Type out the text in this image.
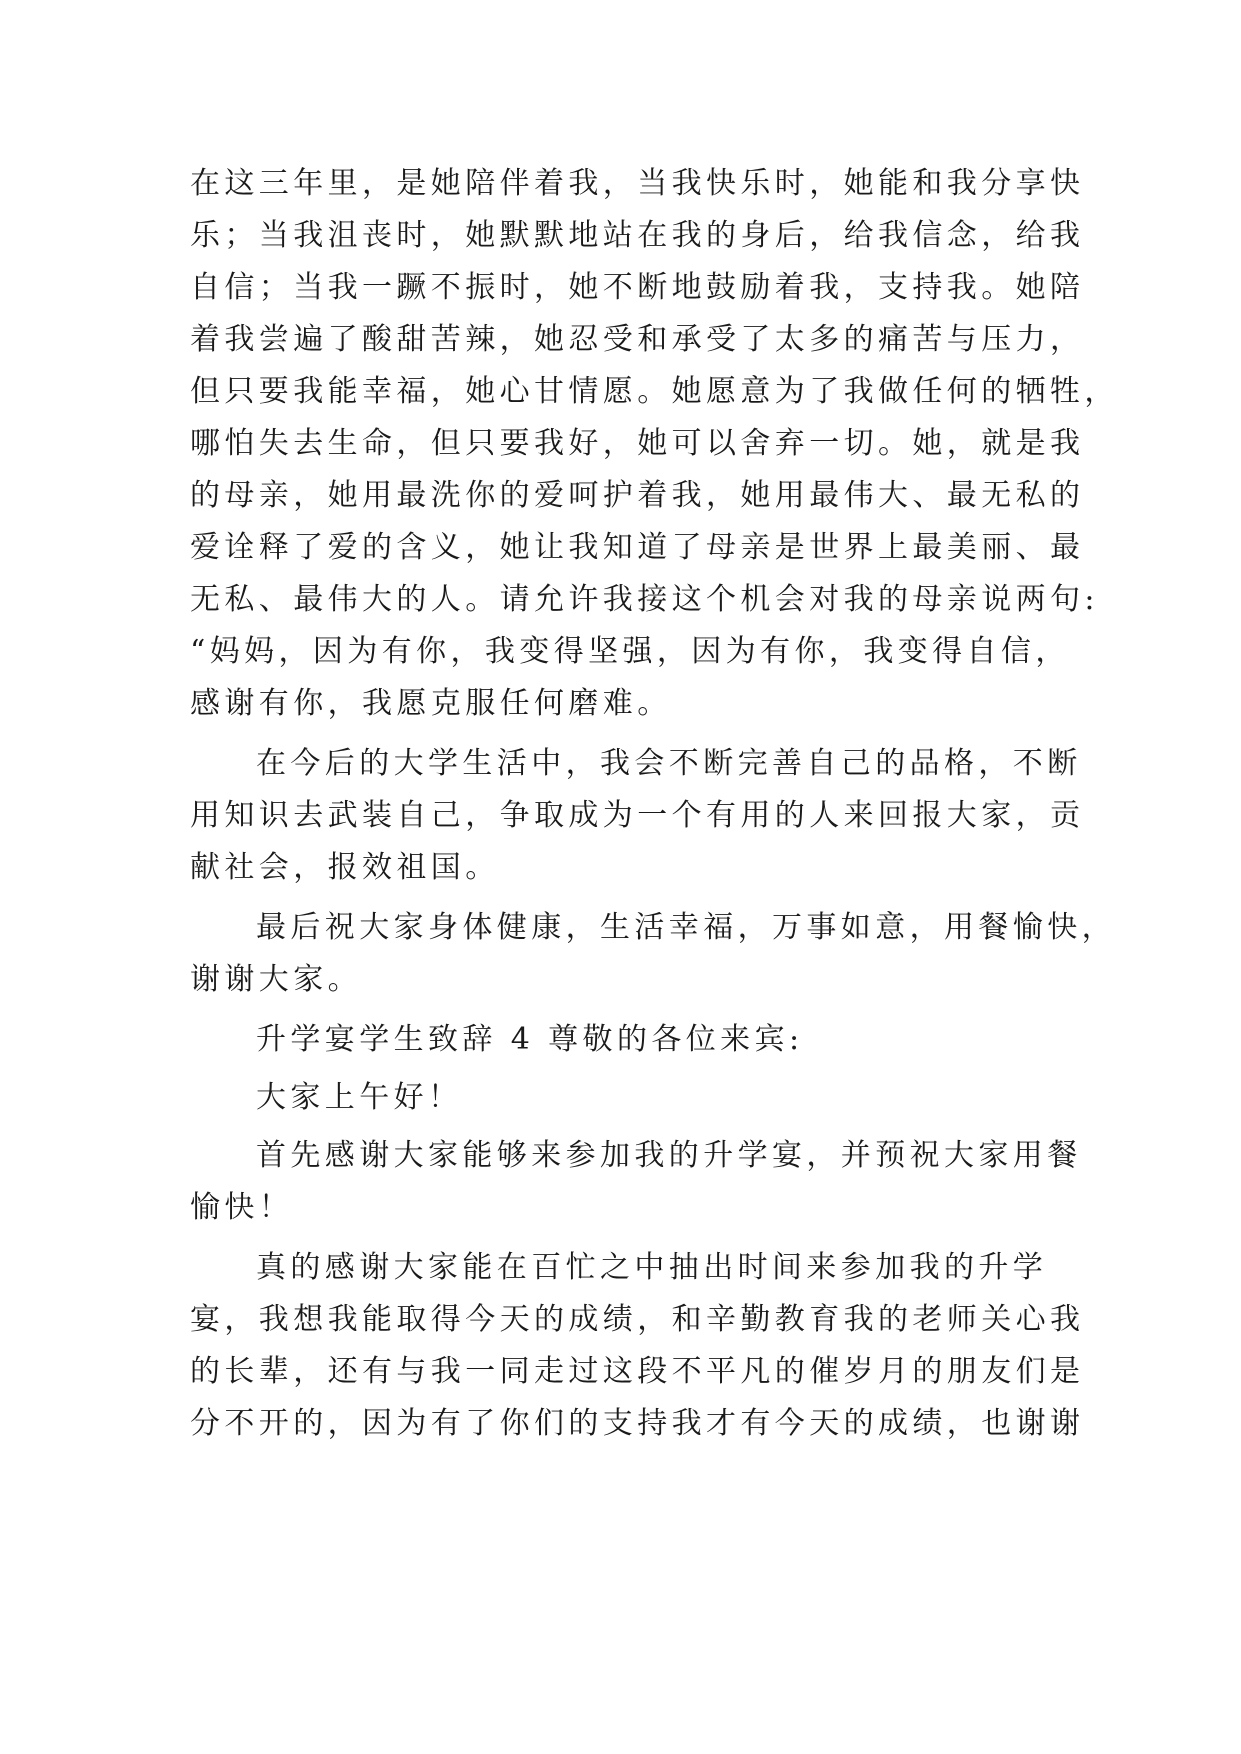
在这三年里，是她陪伴着我，当我快乐时，她能和我分享快
乐；当我沮丧时，她默默地站在我的身后，给我信念，给我
自信；当我一蹶不振时，她不断地鼓励着我，支持我。她陪
着我尝遍了酸甜苦辣，她忍受和承受了太多的痛苦与压力，
但只要我能幸福，她心甘情愿。她愿意为了我做任何的牺牲，
哪怕失去生命，但只要我好，她可以舍弃一切。她，就是我
的母亲，她用最洗你的爱呵护着我，她用最伟大、最无私的
爱诠释了爱的含义，她让我知道了母亲是世界上最美丽、最
无私、最伟大的人。请允许我接这个机会对我的母亲说两句:
“妈妈，因为有你，我变得坚强，因为有你，我变得自信，
感谢有你，我愿克服任何磨难。
在今后的大学生活中，我会不断完善自己的品格，不断
用知识去武装自己，争取成为一个有用的人来回报大家，贡
献社会，报效祖国。
最后祝大家身体健康，生活幸福，万事如意，用餐愉快，
谢谢大家。
升学宴学生致辞 4 尊敬的各位来宾:
大家上午好！
首先感谢大家能够来参加我的升学宴，并预祝大家用餐
愉快！
真的感谢大家能在百忙之中抽出时间来参加我的升学
宴，我想我能取得今天的成绩，和辛勤教育我的老师关心我
的长辈，还有与我一同走过这段不平凡的催岁月的朋友们是
分不开的，因为有了你们的支持我才有今天的成绩，也谢谢
